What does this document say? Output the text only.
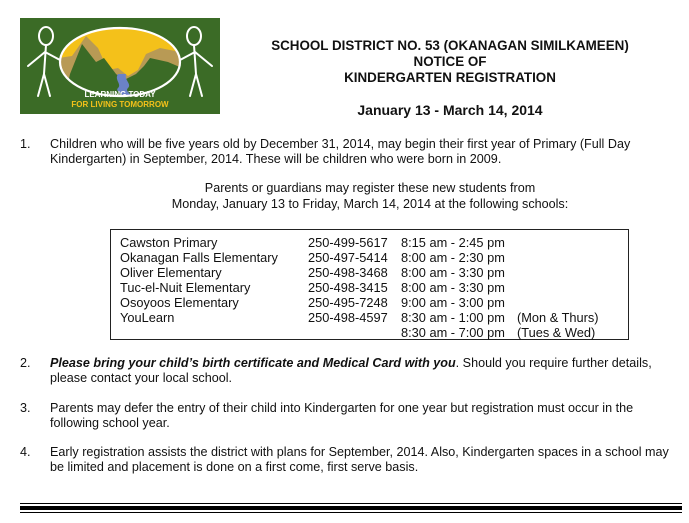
LEARNING TODAY
FOR LIVING TOMORROW
SCHOOL DISTRICT NO. 53 (OKANAGAN SIMILKAMEEN)
NOTICE OF
KINDERGARTEN REGISTRATION
January 13 - March 14, 2014
1. Children who will be five years old by December 31, 2014, may begin their first year of Primary (Full Day Kindergarten) in September, 2014. These will be children who were born in 2009.
Parents or guardians may register these new students from
Monday, January 13 to Friday, March 14, 2014 at the following schools:
Cawston Primary	250-499-5617 8:15 am - 2:45 pm
Okanagan Falls Elementary 250-497-5414 8:00 am - 2:30 pm
Oliver Elementary	250-498-3468 8:00 am - 3:30 pm
Tuc-el-Nuit Elementary	250-498-3415 8:00 am - 3:30 pm
Osoyoos Elementary	250-495-7248 9:00 am - 3:00 pm
YouLearn	250-498-4597 8:30 am - 1:00 pm (Mon & Thurs)
8:30 am - 7:00 pm (Tues & Wed)
2. Please bring your child’s birth certificate and Medical Card with you. Should you require further details, please contact your local school.
3. Parents may defer the entry of their child into Kindergarten for one year but registration must occur in the following school year.
4. Early registration assists the district with plans for September, 2014. Also, Kindergarten spaces in a school may be limited and placement is done on a first come, first serve basis.
